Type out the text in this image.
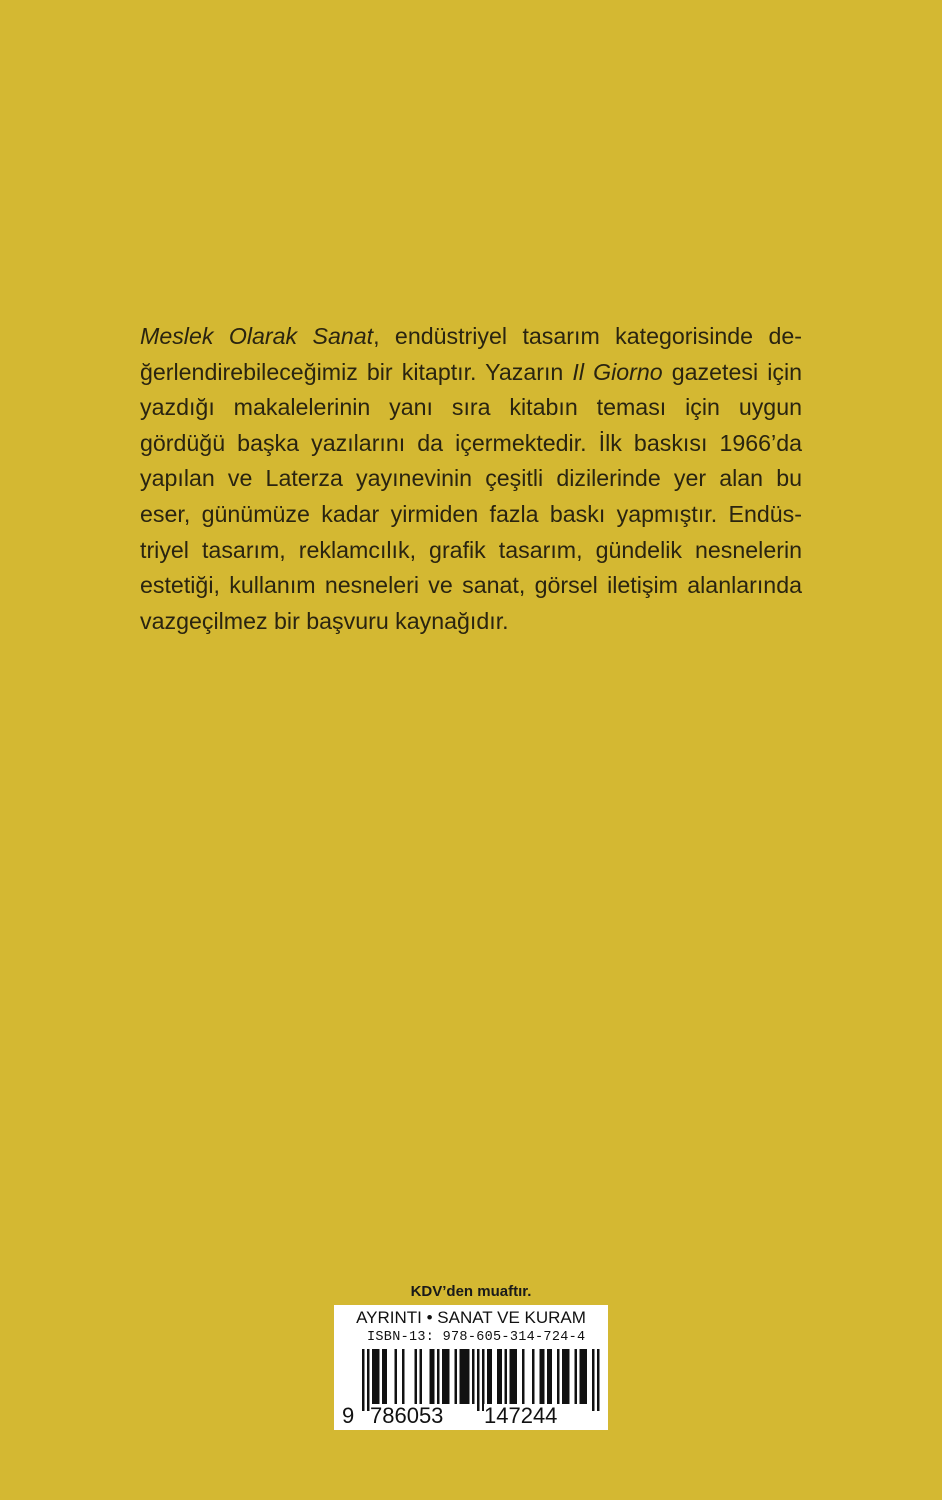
Meslek Olarak Sanat, endüstriyel tasarım kategorisinde değerlendirebileceğimiz bir kitaptır. Yazarın Il Giorno gazetesi için yazdığı makalelerinin yanı sıra kitabın teması için uygun gördüğü başka yazılarını da içermektedir. İlk baskısı 1966’da yapılan ve Laterza yayınevinin çeşitli dizilerinde yer alan bu eser, günümüze kadar yirmiden fazla baskı yapmıştır. Endüstriyel tasarım, reklamcılık, grafik tasarım, gündelik nesnelerin estetiği, kullanım nesneleri ve sanat, görsel iletişim alanlarında vazgeçilmez bir başvuru kaynağıdır.

KDV’den muaftır.

AYRINTI • SANAT VE KURAM

ISBN-13: 978-605-314-724-4

9 786053 147244
